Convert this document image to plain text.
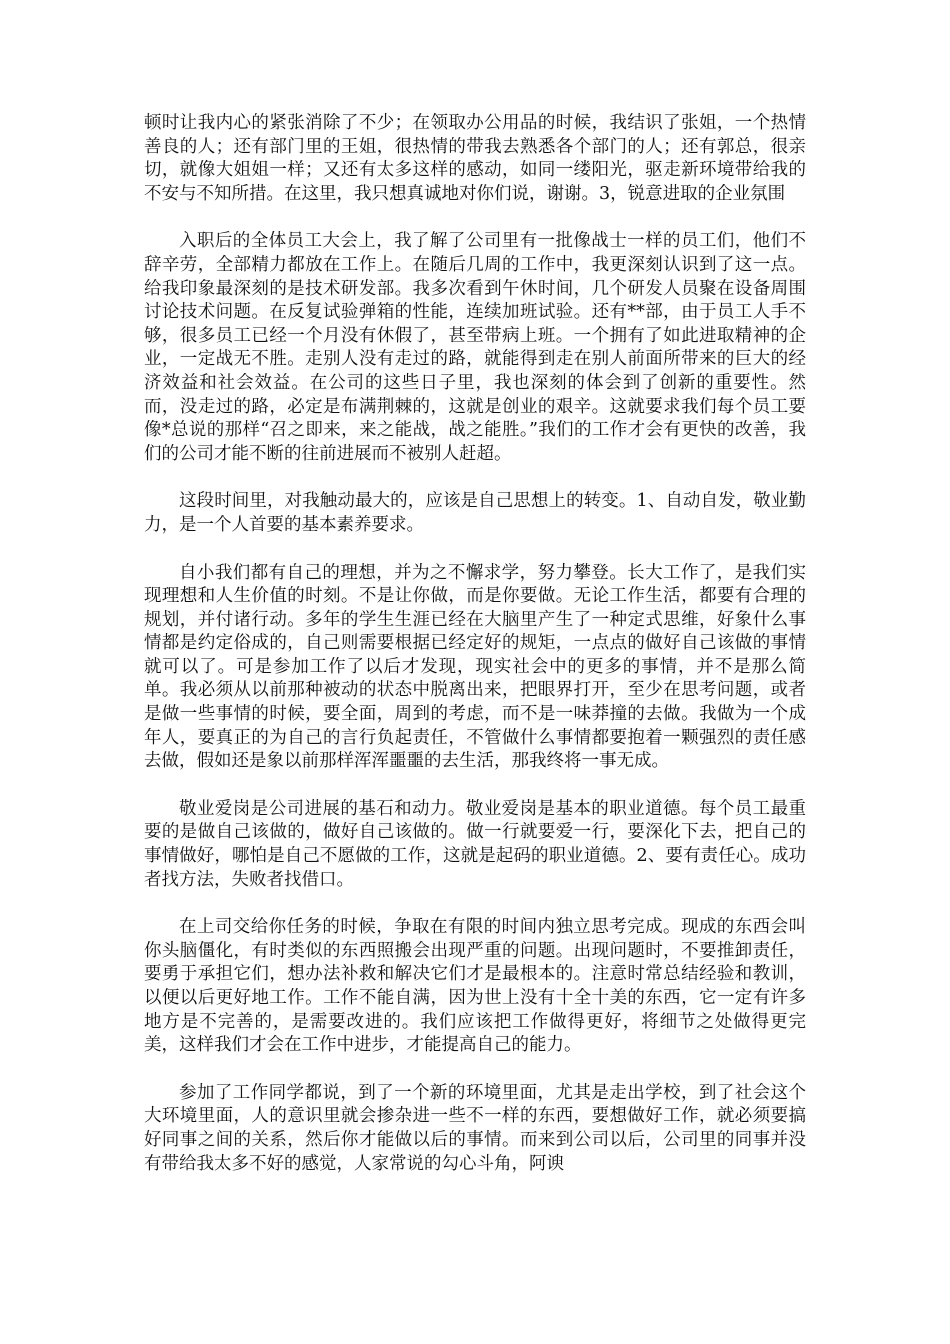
顿时让我内心的紧张消除了不少；在领取办公用品的时候，我结识了张姐，一个热情善良的人；还有部门里的王姐，很热情的带我去熟悉各个部门的人；还有郭总，很亲切，就像大姐姐一样；又还有太多这样的感动，如同一缕阳光，驱走新环境带给我的不安与不知所措。在这里，我只想真诚地对你们说，谢谢。3，锐意进取的企业氛围

入职后的全体员工大会上，我了解了公司里有一批像战士一样的员工们，他们不辞辛劳，全部精力都放在工作上。在随后几周的工作中，我更深刻认识到了这一点。给我印象最深刻的是技术研发部。我多次看到午休时间，几个研发人员聚在设备周围讨论技术问题。在反复试验弹箱的性能，连续加班试验。还有**部，由于员工人手不够，很多员工已经一个月没有休假了，甚至带病上班。一个拥有了如此进取精神的企业，一定战无不胜。走别人没有走过的路，就能得到走在别人前面所带来的巨大的经济效益和社会效益。在公司的这些日子里，我也深刻的体会到了创新的重要性。然而，没走过的路，必定是布满荆棘的，这就是创业的艰辛。这就要求我们每个员工要像*总说的那样“召之即来，来之能战，战之能胜。”我们的工作才会有更快的改善，我们的公司才能不断的往前进展而不被别人赶超。

这段时间里，对我触动最大的，应该是自己思想上的转变。1、自动自发，敬业勤力，是一个人首要的基本素养要求。

自小我们都有自己的理想，并为之不懈求学，努力攀登。长大工作了，是我们实现理想和人生价值的时刻。不是让你做，而是你要做。无论工作生活，都要有合理的规划，并付诸行动。多年的学生生涯已经在大脑里产生了一种定式思维，好象什么事情都是约定俗成的，自己则需要根据已经定好的规矩，一点点的做好自己该做的事情就可以了。可是参加工作了以后才发现，现实社会中的更多的事情，并不是那么简单。我必须从以前那种被动的状态中脱离出来，把眼界打开，至少在思考问题，或者是做一些事情的时候，要全面，周到的考虑，而不是一味莽撞的去做。我做为一个成年人，要真正的为自己的言行负起责任，不管做什么事情都要抱着一颗强烈的责任感去做，假如还是象以前那样浑浑噩噩的去生活，那我终将一事无成。

敬业爱岗是公司进展的基石和动力。敬业爱岗是基本的职业道德。每个员工最重要的是做自己该做的，做好自己该做的。做一行就要爱一行，要深化下去，把自己的事情做好，哪怕是自己不愿做的工作，这就是起码的职业道德。2、要有责任心。成功者找方法，失败者找借口。

在上司交给你任务的时候，争取在有限的时间内独立思考完成。现成的东西会叫你头脑僵化，有时类似的东西照搬会出现严重的问题。出现问题时，不要推卸责任，要勇于承担它们，想办法补救和解决它们才是最根本的。注意时常总结经验和教训，以便以后更好地工作。工作不能自满，因为世上没有十全十美的东西，它一定有许多地方是不完善的，是需要改进的。我们应该把工作做得更好，将细节之处做得更完美，这样我们才会在工作中进步，才能提高自己的能力。

参加了工作同学都说，到了一个新的环境里面，尤其是走出学校，到了社会这个大环境里面，人的意识里就会掺杂进一些不一样的东西，要想做好工作，就必须要搞好同事之间的关系，然后你才能做以后的事情。而来到公司以后，公司里的同事并没有带给我太多不好的感觉，人家常说的勾心斗角，阿谀
